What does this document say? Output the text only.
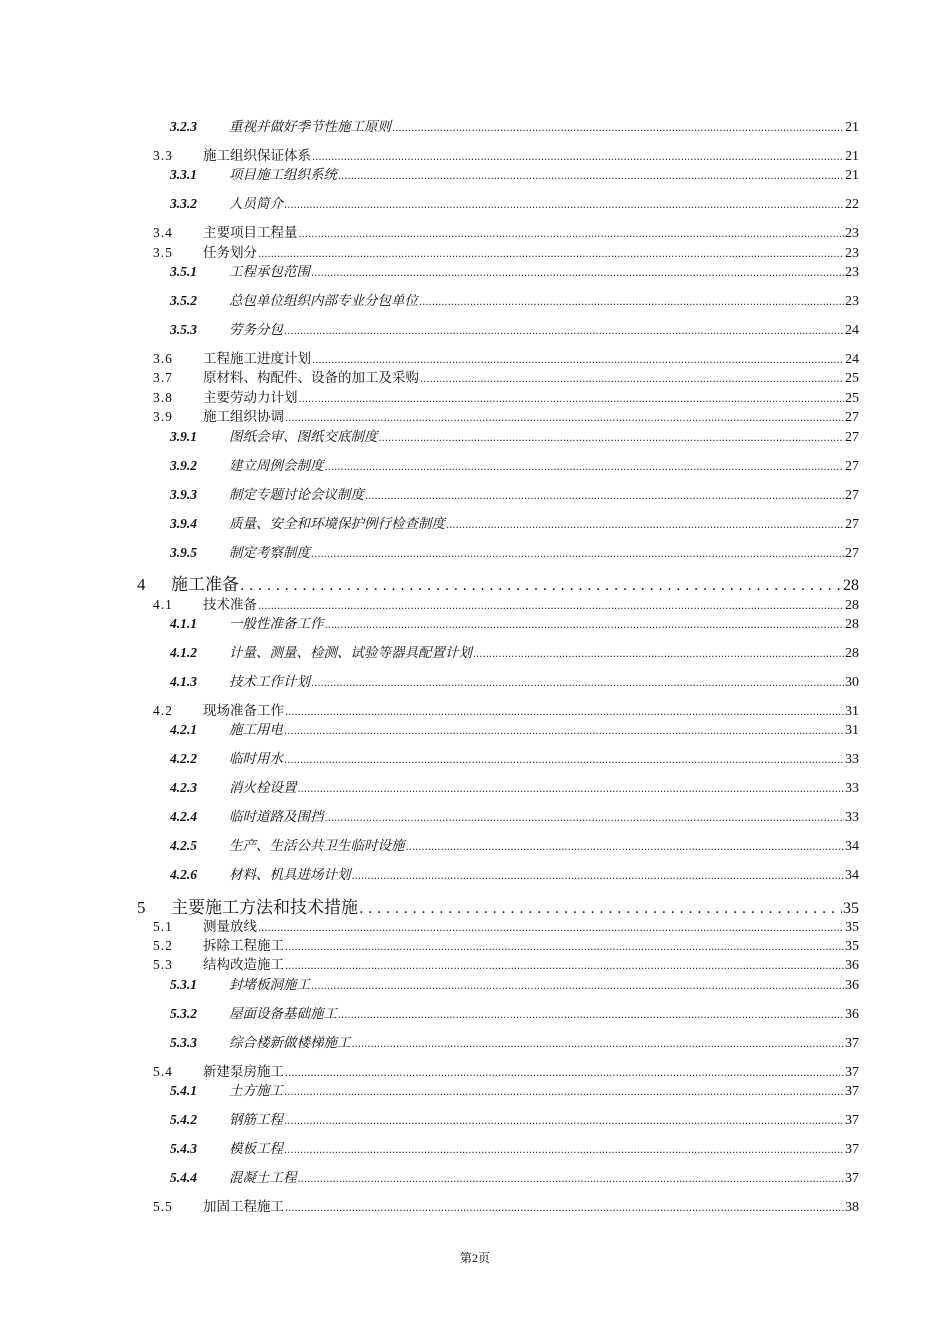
3.2.3	重视并做好季节性施工原则 .....	21
3.3	施工组织保证体系 .....	21
3.3.1	项目施工组织系统 .....	21
3.3.2	人员简介 .....	22
3.4	主要项目工程量 .....	23
3.5	任务划分 .....	23
3.5.1	工程承包范围 .....	23
3.5.2	总包单位组织内部专业分包单位 .....	23
3.5.3	劳务分包 .....	24
3.6	工程施工进度计划 .....	24
3.7	原材料、构配件、设备的加工及采购 .....	25
3.8	主要劳动力计划 .....	25
3.9	施工组织协调 .....	27
3.9.1	图纸会审、图纸交底制度 .....	27
3.9.2	建立周例会制度 .....	27
3.9.3	制定专题讨论会议制度 .....	27
3.9.4	质量、安全和环境保护例行检查制度 .....	27
3.9.5	制定考察制度 .....	27
4	施工准备 . . .	28
4.1	技术准备 .....	28
4.1.1	一般性准备工作 .....	28
4.1.2	计量、测量、检测、试验等器具配置计划 .....	28
4.1.3	技术工作计划 .....	30
4.2	现场准备工作 .....	31
4.2.1	施工用电 .....	31
4.2.2	临时用水 .....	33
4.2.3	消火栓设置 .....	33
4.2.4	临时道路及围挡 .....	33
4.2.5	生产、生活公共卫生临时设施 .....	34
4.2.6	材料、机具进场计划 .....	34
5	主要施工方法和技术措施 . . .	35
5.1	测量放线 .....	35
5.2	拆除工程施工 .....	35
5.3	结构改造施工 .....	36
5.3.1	封堵板洞施工 .....	36
5.3.2	屋面设备基础施工 .....	36
5.3.3	综合楼新做楼梯施工 .....	37
5.4	新建泵房施工 .....	37
5.4.1	土方施工 .....	37
5.4.2	钢筋工程 .....	37
5.4.3	模板工程 .....	37
5.4.4	混凝土工程 .....	37
5.5	加固工程施工 .....	38
第2页
